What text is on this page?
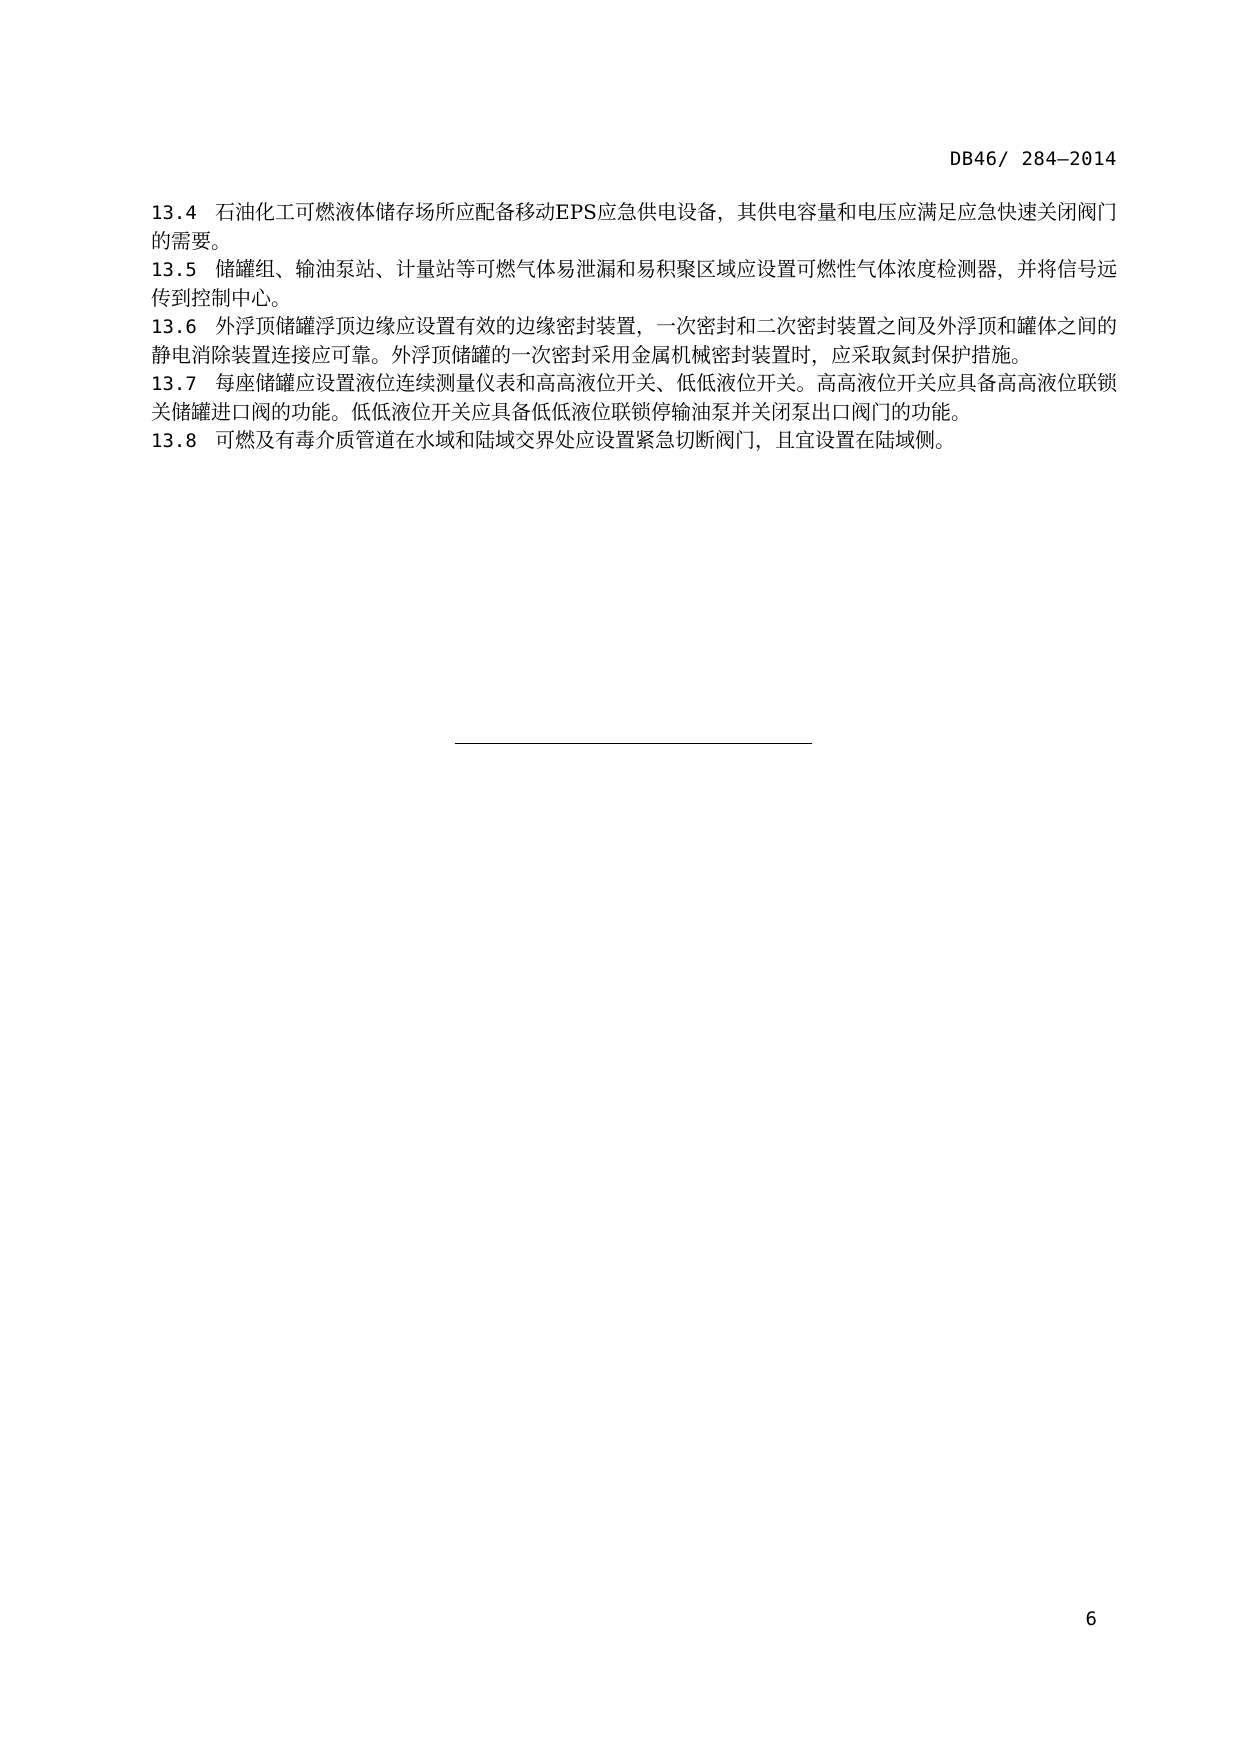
DB46/ 284—2014

13.4 石油化工可燃液体储存场所应配备移动EPS应急供电设备，其供电容量和电压应满足应急快速关闭阀门的需要。

13.5 储罐组、输油泵站、计量站等可燃气体易泄漏和易积聚区域应设置可燃性气体浓度检测器，并将信号远传到控制中心。

13.6 外浮顶储罐浮顶边缘应设置有效的边缘密封装置，一次密封和二次密封装置之间及外浮顶和罐体之间的静电消除装置连接应可靠。外浮顶储罐的一次密封采用金属机械密封装置时，应采取氮封保护措施。

13.7 每座储罐应设置液位连续测量仪表和高高液位开关、低低液位开关。高高液位开关应具备高高液位联锁关储罐进口阀的功能。低低液位开关应具备低低液位联锁停输油泵并关闭泵出口阀门的功能。

13.8 可燃及有毒介质管道在水域和陆域交界处应设置紧急切断阀门，且宜设置在陆域侧。

6
